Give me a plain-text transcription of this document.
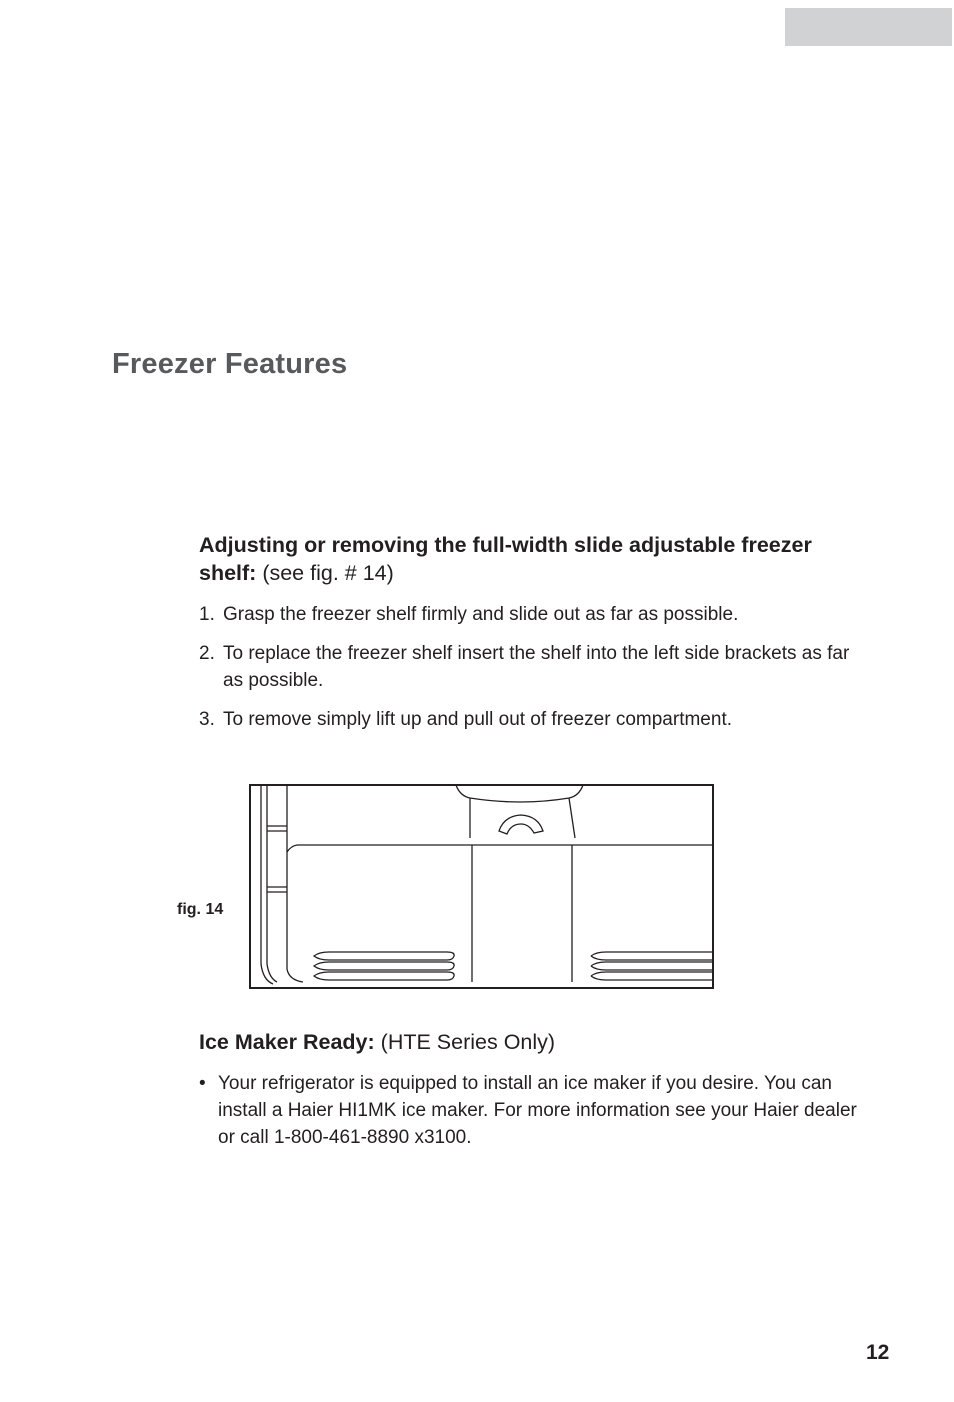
Freezer Features
Adjusting or removing the full-width slide adjustable freezer shelf: (see fig. # 14)
1. Grasp the freezer shelf firmly and slide out as far as possible.
2. To replace the freezer shelf insert the shelf into the left side brackets as far as possible.
3. To remove simply lift up and pull out of freezer compartment.
fig. 14
Ice Maker Ready: (HTE Series Only)
• Your refrigerator is equipped to install an ice maker if you desire. You can install a Haier HI1MK ice maker. For more information see your Haier dealer or call 1-800-461-8890 x3100.
12
